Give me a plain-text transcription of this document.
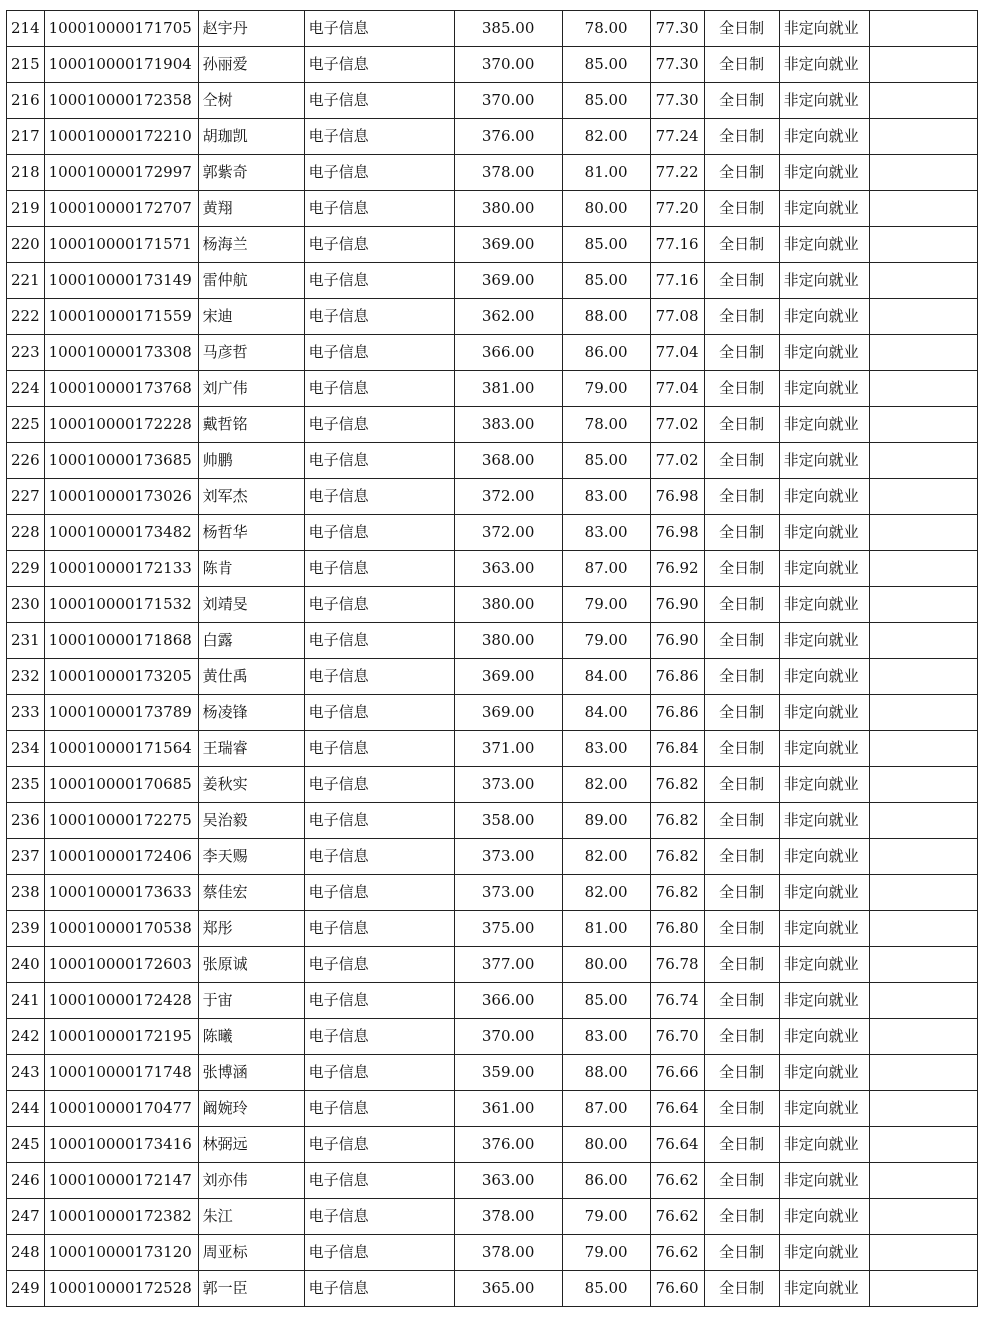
214	100010000171705	赵宇丹	电子信息	385.00	78.00	77.30	全日制	非定向就业	
215	100010000171904	孙丽爱	电子信息	370.00	85.00	77.30	全日制	非定向就业	
216	100010000172358	仝树	电子信息	370.00	85.00	77.30	全日制	非定向就业	
217	100010000172210	胡珈凯	电子信息	376.00	82.00	77.24	全日制	非定向就业	
218	100010000172997	郭紫奇	电子信息	378.00	81.00	77.22	全日制	非定向就业	
219	100010000172707	黄翔	电子信息	380.00	80.00	77.20	全日制	非定向就业	
220	100010000171571	杨海兰	电子信息	369.00	85.00	77.16	全日制	非定向就业	
221	100010000173149	雷仲航	电子信息	369.00	85.00	77.16	全日制	非定向就业	
222	100010000171559	宋迪	电子信息	362.00	88.00	77.08	全日制	非定向就业	
223	100010000173308	马彦哲	电子信息	366.00	86.00	77.04	全日制	非定向就业	
224	100010000173768	刘广伟	电子信息	381.00	79.00	77.04	全日制	非定向就业	
225	100010000172228	戴哲铭	电子信息	383.00	78.00	77.02	全日制	非定向就业	
226	100010000173685	帅鹏	电子信息	368.00	85.00	77.02	全日制	非定向就业	
227	100010000173026	刘军杰	电子信息	372.00	83.00	76.98	全日制	非定向就业	
228	100010000173482	杨哲华	电子信息	372.00	83.00	76.98	全日制	非定向就业	
229	100010000172133	陈肯	电子信息	363.00	87.00	76.92	全日制	非定向就业	
230	100010000171532	刘靖旻	电子信息	380.00	79.00	76.90	全日制	非定向就业	
231	100010000171868	白露	电子信息	380.00	79.00	76.90	全日制	非定向就业	
232	100010000173205	黄仕禹	电子信息	369.00	84.00	76.86	全日制	非定向就业	
233	100010000173789	杨凌锋	电子信息	369.00	84.00	76.86	全日制	非定向就业	
234	100010000171564	王瑞睿	电子信息	371.00	83.00	76.84	全日制	非定向就业	
235	100010000170685	姜秋实	电子信息	373.00	82.00	76.82	全日制	非定向就业	
236	100010000172275	吴治毅	电子信息	358.00	89.00	76.82	全日制	非定向就业	
237	100010000172406	李天赐	电子信息	373.00	82.00	76.82	全日制	非定向就业	
238	100010000173633	蔡佳宏	电子信息	373.00	82.00	76.82	全日制	非定向就业	
239	100010000170538	郑彤	电子信息	375.00	81.00	76.80	全日制	非定向就业	
240	100010000172603	张原诚	电子信息	377.00	80.00	76.78	全日制	非定向就业	
241	100010000172428	于宙	电子信息	366.00	85.00	76.74	全日制	非定向就业	
242	100010000172195	陈曦	电子信息	370.00	83.00	76.70	全日制	非定向就业	
243	100010000171748	张博涵	电子信息	359.00	88.00	76.66	全日制	非定向就业	
244	100010000170477	阚婉玲	电子信息	361.00	87.00	76.64	全日制	非定向就业	
245	100010000173416	林弼远	电子信息	376.00	80.00	76.64	全日制	非定向就业	
246	100010000172147	刘亦伟	电子信息	363.00	86.00	76.62	全日制	非定向就业	
247	100010000172382	朱江	电子信息	378.00	79.00	76.62	全日制	非定向就业	
248	100010000173120	周亚标	电子信息	378.00	79.00	76.62	全日制	非定向就业	
249	100010000172528	郭一臣	电子信息	365.00	85.00	76.60	全日制	非定向就业	
